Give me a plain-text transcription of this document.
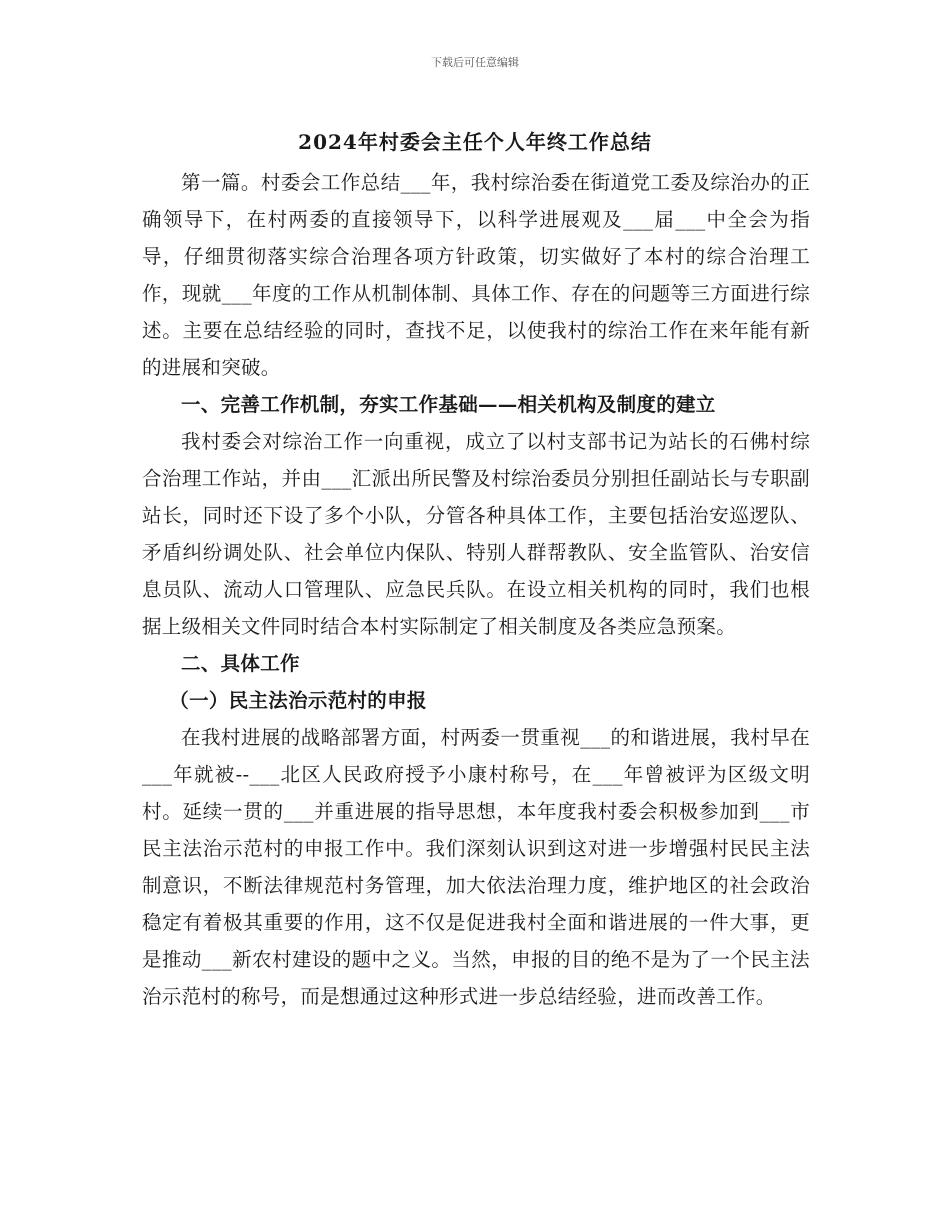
下载后可任意编辑
2024年村委会主任个人年终工作总结

第一篇。村委会工作总结___年，我村综治委在街道党工委及综治办的正确领导下，在村两委的直接领导下，以科学进展观及___届___中全会为指导，仔细贯彻落实综合治理各项方针政策，切实做好了本村的综合治理工作，现就___年度的工作从机制体制、具体工作、存在的问题等三方面进行综述。主要在总结经验的同时，查找不足，以使我村的综治工作在来年能有新的进展和突破。

一、完善工作机制，夯实工作基础——相关机构及制度的建立

我村委会对综治工作一向重视，成立了以村支部书记为站长的石佛村综合治理工作站，并由___汇派出所民警及村综治委员分别担任副站长与专职副站长，同时还下设了多个小队，分管各种具体工作，主要包括治安巡逻队、矛盾纠纷调处队、社会单位内保队、特别人群帮教队、安全监管队、治安信息员队、流动人口管理队、应急民兵队。在设立相关机构的同时，我们也根据上级相关文件同时结合本村实际制定了相关制度及各类应急预案。

二、具体工作

（一）民主法治示范村的申报

在我村进展的战略部署方面，村两委一贯重视___的和谐进展，我村早在___年就被--___北区人民政府授予小康村称号，在___年曾被评为区级文明村。延续一贯的___并重进展的指导思想，本年度我村委会积极参加到___市民主法治示范村的申报工作中。我们深刻认识到这对进一步增强村民民主法制意识，不断法律规范村务管理，加大依法治理力度，维护地区的社会政治稳定有着极其重要的作用，这不仅是促进我村全面和谐进展的一件大事，更是推动___新农村建设的题中之义。当然，申报的目的绝不是为了一个民主法治示范村的称号，而是想通过这种形式进一步总结经验，进而改善工作。
